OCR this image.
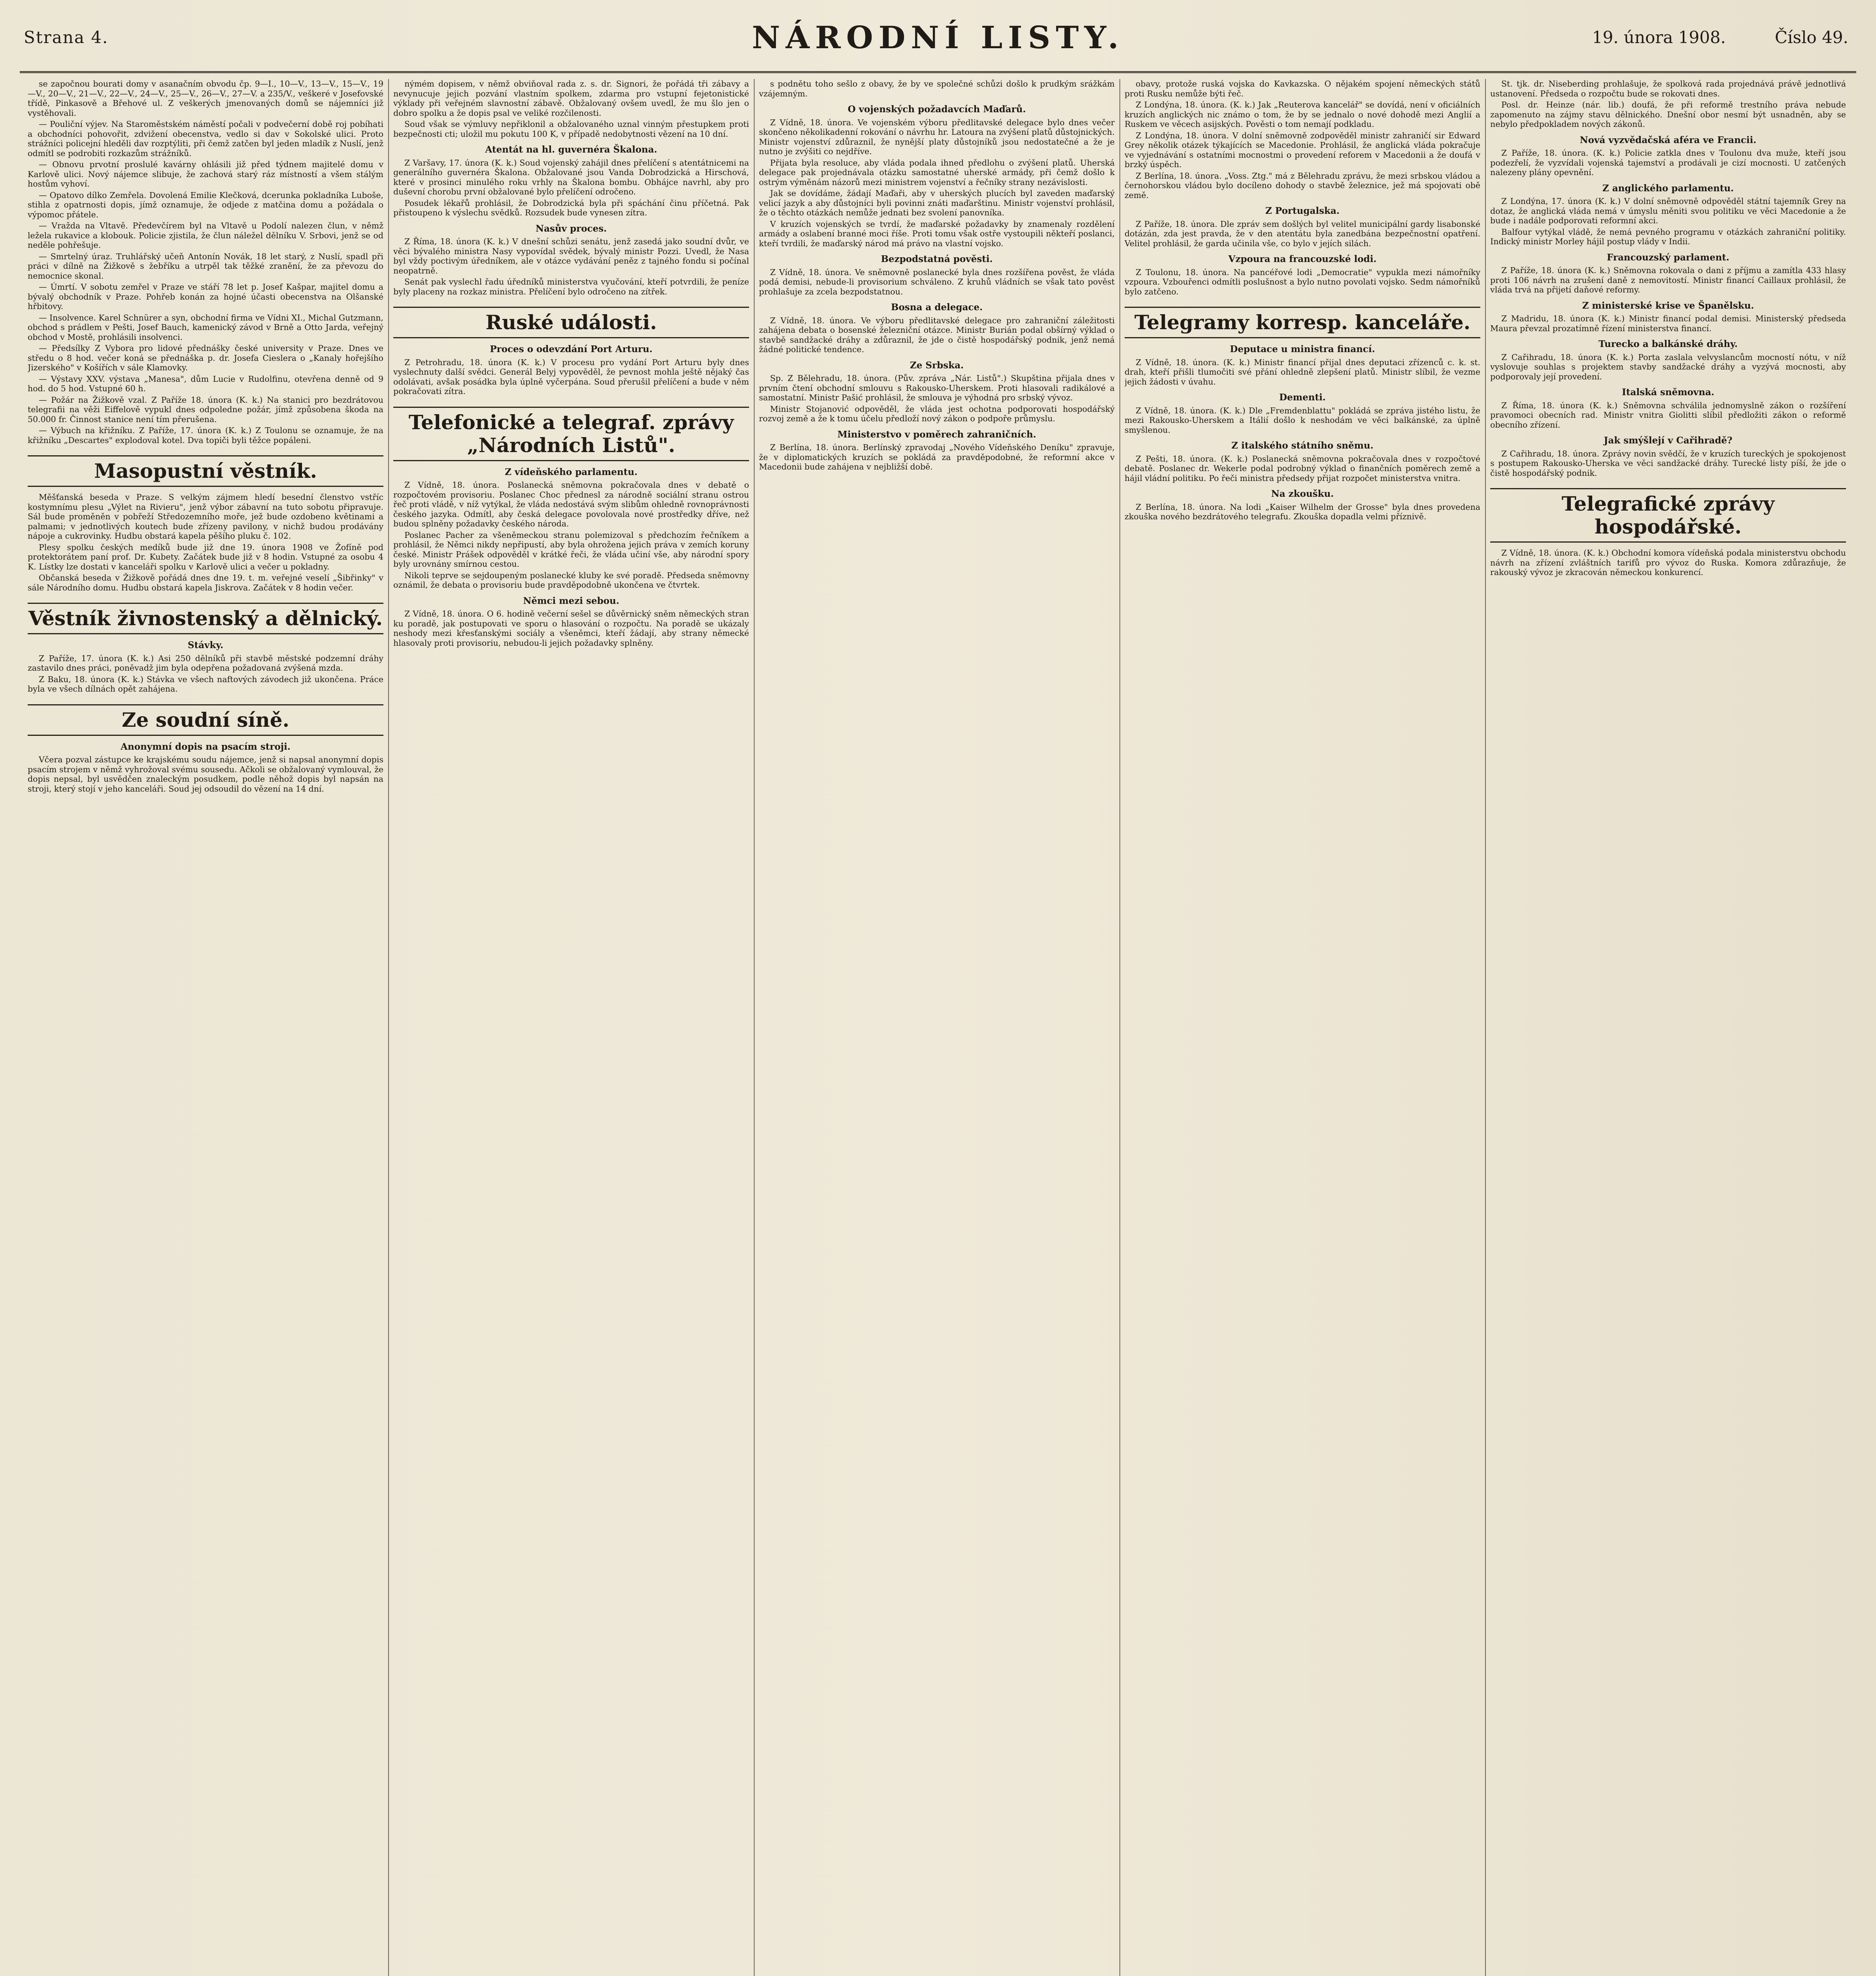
Strana 4.	NÁRODNÍ LISTY.	19. února 1908.	Číslo 49.

se započnou bourati domy v asanačním obvodu čp. 9—I., 10—V., 13—V., 15—V., 19—V., 20—V., 21—V., 22—V., 24—V., 25—V., 26—V., 27—V. a 235/V., veškeré v Josefovské třídě, Pinkasově a Břehové ul. Z veškerých jmenovaných domů se nájemníci již vystěhovali.

— Pouliční výjev. Na Staroměstském náměstí počali v podvečerní době roj pobíhati a obchodníci pohovořit, zdvižení obecenstva, vedlo si dav v Sokolské ulici. Proto strážníci policejní hleděli dav rozptýliti, při čemž zatčen byl jeden mladík z Nuslí, jenž odmítl se podrobiti rozkazům strážníků.

— Obnovu prvotní proslulé kavárny ohlásili již před týdnem majitelé domu v Karlově ulici. Nový nájemce slibuje, že zachová starý ráz místností a všem stálým hostům vyhoví.

— Opatovo dílko Zemřela. Dovolená Emilie Klečková, dcerunka pokladníka Luboše, stihla z opatrnosti dopis, jímž oznamuje, že odjede z matčina domu a požádala o výpomoc přátele.

— Vražda na Vltavě. Předevčírem byl na Vltavě u Podolí nalezen člun, v němž ležela rukavice a klobouk. Policie zjistila, že člun náležel dělníku V. Srbovi, jenž se od neděle pohřešuje.

— Smrtelný úraz. Truhlářský učeň Antonín Novák, 18 let starý, z Nuslí, spadl při práci v dílně na Žižkově s žebříku a utrpěl tak těžké zranění, že za převozu do nemocnice skonal.

— Úmrtí. V sobotu zemřel v Praze ve stáří 78 let p. Josef Kašpar, majitel domu a bývalý obchodník v Praze. Pohřeb konán za hojné účasti obecenstva na Olšanské hřbitovy.

— Insolvence. Karel Schnürer a syn, obchodní firma ve Vídni XI., Michal Gutzmann, obchod s prádlem v Pešti, Josef Bauch, kamenický závod v Brně a Otto Jarda, veřejný obchod v Mostě, prohlásili insolvenci.

— Předsílky Z Vybora pro lidové přednášky české university v Praze. Dnes ve středu o 8 hod. večer koná se přednáška p. dr. Josefa Cieslera o „Kanaly hořejšího Jizerského" v Košířích v sále Klamovky.

— Výstavy XXV. výstava „Manesa", dům Lucie v Rudolfinu, otevřena denně od 9 hod. do 5 hod. Vstupné 60 h.

— Požár na Žižkově vzal. Z Paříže 18. února (K. k.) Na stanici pro bezdrátovou telegrafii na věži Eiffelově vypukl dnes odpoledne požár, jímž způsobena škoda na 50.000 fr. Činnost stanice není tím přerušena.

— Výbuch na křižníku. Z Paříže, 17. února (K. k.) Z Toulonu se oznamuje, že na křižníku „Descartes" explodoval kotel. Dva topiči byli těžce popáleni.

Masopustní věstník.

Měšťanská beseda v Praze. S velkým zájmem hledí besední členstvo vstříc kostymnímu plesu „Výlet na Rivieru", jenž výbor zábavní na tuto sobotu připravuje. Sál bude proměněn v pobřeží Středozemního moře, jež bude ozdobeno květinami a palmami; v jednotlivých koutech bude zřízeny pavilony, v nichž budou prodávány nápoje a cukrovinky. Hudbu obstará kapela pěšího pluku č. 102.

Plesy spolku českých medíků bude již dne 19. února 1908 ve Žofíně pod protektorátem paní prof. Dr. Kubety. Začátek bude již v 8 hodin. Vstupné za osobu 4 K. Lístky lze dostati v kanceláři spolku v Karlově ulici a večer u pokladny.

Občanská beseda v Žižkově pořádá dnes dne 19. t. m. veřejné veselí „Šibřinky" v sále Národního domu. Hudbu obstará kapela Jiskrova. Začátek v 8 hodin večer.

Věstník živnostenský a dělnický.
Stávky.

Z Paříže, 17. února (K. k.) Asi 250 dělníků při stavbě městské podzemní dráhy zastavilo dnes práci, poněvadž jim byla odepřena požadovaná zvýšená mzda.

Z Baku, 18. února (K. k.) Stávka ve všech naftových závodech již ukončena. Práce byla ve všech dílnách opět zahájena.

Ze soudní síně.
Anonymní dopis na psacím stroji.

Včera pozval zástupce ke krajskému soudu nájemce, jenž si napsal anonymní dopis psacím strojem v němž vyhrožoval svému sousedu. Ačkoli se obžalovaný vymlouval, že dopis nepsal, byl usvědčen znaleckým posudkem, podle něhož dopis byl napsán na stroji, který stojí v jeho kanceláři. Soud jej odsoudil do vězení na 14 dní.

nýmém dopisem, v němž obviňoval rada z. s. dr. Signori, že pořádá tři zábavy a nevynucuje jejich pozvání vlastním spolkem, zdarma pro vstupní fejetonistické výklady při veřejném slavnostní zábavě. Obžalovaný ovšem uvedl, že mu šlo jen o dobro spolku a že dopis psal ve veliké rozčilenosti.

Soud však se výmluvy nepřiklonil a obžalovaného uznal vinným přestupkem proti bezpečnosti cti; uložil mu pokutu 100 K, v případě nedobytnosti vězení na 10 dní.

Atentát na hl. guvernéra Škalona.

Z Varšavy, 17. února (K. k.) Soud vojenský zahájil dnes přelíčení s atentátnicemi na generálního guvernéra Škalona. Obžalované jsou Vanda Dobrodzická a Hirschová, které v prosinci minulého roku vrhly na Škalona bombu. Obhájce navrhl, aby pro duševní chorobu první obžalované bylo přelíčení odročeno.

Posudek lékařů prohlásil, že Dobrodzická byla při spáchání činu příčetná. Pak přistoupeno k výslechu svědků. Rozsudek bude vynesen zítra.

Nasův proces.

Z Říma, 18. února (K. k.) V dnešní schůzi senátu, jenž zasedá jako soudní dvůr, ve věci bývalého ministra Nasy vypovídal svědek, bývalý ministr Pozzi. Uvedl, že Nasa byl vždy poctivým úředníkem, ale v otázce vydávání peněz z tajného fondu si počínal neopatrně.

Senát pak vyslechl řadu úředníků ministerstva vyučování, kteří potvrdili, že peníze byly placeny na rozkaz ministra. Přelíčení bylo odročeno na zítřek.

Ruské události.
Proces o odevzdání Port Arturu.

Z Petrohradu, 18. února (K. k.) V procesu pro vydání Port Arturu byly dnes vyslechnuty další svědci. Generál Belyj vypověděl, že pevnost mohla ještě nějaký čas odolávati, avšak posádka byla úplně vyčerpána. Soud přerušil přelíčení a bude v něm pokračovati zítra.

Telefonické a telegraf. zprávy „Národních Listů".
Z vídeňského parlamentu.

Z Vídně, 18. února. Poslanecká sněmovna pokračovala dnes v debatě o rozpočtovém provisoriu. Poslanec Choc přednesl za národně sociální stranu ostrou řeč proti vládě, v níž vytýkal, že vláda nedostává svým slibům ohledně rovnoprávnosti českého jazyka. Odmítl, aby česká delegace povolovala nové prostředky dříve, než budou splněny požadavky českého národa.

Poslanec Pacher za všeněmeckou stranu polemizoval s předchozím řečníkem a prohlásil, že Němci nikdy nepřipustí, aby byla ohrožena jejich práva v zemích koruny české. Ministr Prášek odpověděl v krátké řeči, že vláda učiní vše, aby národní spory byly urovnány smírnou cestou.

Nikoli teprve se sejdoupeným poslanecké kluby ke své poradě. Předseda sněmovny oznámil, že debata o provisoriu bude pravděpodobně ukončena ve čtvrtek.

Němci mezi sebou.

Z Vídně, 18. února. O 6. hodině večerní sešel se důvěrnický sněm německých stran ku poradě, jak postupovati ve sporu o hlasování o rozpočtu. Na poradě se ukázaly neshody mezi křesťanskými sociály a všeněmci, kteří žádají, aby strany německé hlasovaly proti provisoriu, nebudou-li jejich požadavky splněny.

s podnětu toho sešlo z obavy, že by ve společné schůzi došlo k prudkým srážkám vzájemným.

O vojenských požadavcích Maďarů.

Z Vídně, 18. února. Ve vojenském výboru předlitavské delegace bylo dnes večer skončeno několikadenní rokování o návrhu hr. Latoura na zvýšení platů důstojnických. Ministr vojenství zdůraznil, že nynější platy důstojníků jsou nedostatečné a že je nutno je zvýšiti co nejdříve.

Přijata byla resoluce, aby vláda podala ihned předlohu o zvýšení platů. Uherská delegace pak projednávala otázku samostatné uherské armády, při čemž došlo k ostrým výměnám názorů mezi ministrem vojenství a řečníky strany nezávislosti.

Jak se dovídáme, žádají Maďaři, aby v uherských plucích byl zaveden maďarský velicí jazyk a aby důstojníci byli povinni znáti maďarštinu. Ministr vojenství prohlásil, že o těchto otázkách nemůže jednati bez svolení panovníka.

V kruzích vojenských se tvrdí, že maďarské požadavky by znamenaly rozdělení armády a oslabení branné moci říše. Proti tomu však ostře vystoupili někteří poslanci, kteří tvrdili, že maďarský národ má právo na vlastní vojsko.

Bezpodstatná pověsti.

Z Vídně, 18. února. Ve sněmovně poslanecké byla dnes rozšířena pověst, že vláda podá demisi, nebude-li provisorium schváleno. Z kruhů vládních se však tato pověst prohlašuje za zcela bezpodstatnou.

Bosna a delegace.

Z Vídně, 18. února. Ve výboru předlitavské delegace pro zahraniční záležitosti zahájena debata o bosenské železniční otázce. Ministr Burián podal obšírný výklad o stavbě sandžacké dráhy a zdůraznil, že jde o čistě hospodářský podnik, jenž nemá žádné politické tendence.

Ze Srbska.

Sp. Z Bělehradu, 18. února. (Pův. zpráva „Nár. Listů".) Skupština přijala dnes v prvním čtení obchodní smlouvu s Rakousko-Uherskem. Proti hlasovali radikálové a samostatní. Ministr Pašić prohlásil, že smlouva je výhodná pro srbský vývoz.

Ministr Stojanović odpověděl, že vláda jest ochotna podporovati hospodářský rozvoj země a že k tomu účelu předloží nový zákon o podpoře průmyslu.

Ministerstvo v poměrech zahraničních.

Z Berlína, 18. února. Berlínský zpravodaj „Nového Vídeňského Deníku" zpravuje, že v diplomatických kruzích se pokládá za pravděpodobné, že reformní akce v Macedonii bude zahájena v nejbližší době.

obavy, protože ruská vojska do Kavkazska. O nějakém spojení německých států proti Rusku nemůže býti řeč.

Z Londýna, 18. února. (K. k.) Jak „Reuterova kancelář" se dovídá, není v oficiálních kruzích anglických nic známo o tom, že by se jednalo o nové dohodě mezi Anglií a Ruskem ve věcech asijských. Pověsti o tom nemají podkladu.

Z Londýna, 18. února. V dolní sněmovně zodpověděl ministr zahraničí sir Edward Grey několik otázek týkajících se Macedonie. Prohlásil, že anglická vláda pokračuje ve vyjednávání s ostatními mocnostmi o provedení reforem v Macedonii a že doufá v brzký úspěch.

Z Berlína, 18. února. „Voss. Ztg." má z Bělehradu zprávu, že mezi srbskou vládou a černohorskou vládou bylo docíleno dohody o stavbě železnice, jež má spojovati obě země.

Z Portugalska.

Z Paříže, 18. února. Dle zpráv sem došlých byl velitel municipální gardy lisabonské dotázán, zda jest pravda, že v den atentátu byla zanedbána bezpečnostní opatření. Velitel prohlásil, že garda učinila vše, co bylo v jejích silách.

Vzpoura na francouzské lodi.

Z Toulonu, 18. února. Na pancéřové lodi „Democratie" vypukla mezi námořníky vzpoura. Vzbouřenci odmítli poslušnost a bylo nutno povolati vojsko. Sedm námořníků bylo zatčeno.

Telegramy korresp. kanceláře.
Deputace u ministra financí.

Z Vídně, 18. února. (K. k.) Ministr financí přijal dnes deputaci zřízenců c. k. st. drah, kteří přišli tlumočiti své přání ohledně zlepšení platů. Ministr slíbil, že vezme jejich žádosti v úvahu.

Dementi.

Z Vídně, 18. února. (K. k.) Dle „Fremdenblattu" pokládá se zpráva jistého listu, že mezi Rakousko-Uherskem a Itálií došlo k neshodám ve věci balkánské, za úplně smyšlenou.

Z italského státního sněmu.

Z Pešti, 18. února. (K. k.) Poslanecká sněmovna pokračovala dnes v rozpočtové debatě. Poslanec dr. Wekerle podal podrobný výklad o finančních poměrech země a hájil vládní politiku. Po řeči ministra předsedy přijat rozpočet ministerstva vnitra.

Na zkoušku.

Z Berlína, 18. února. Na lodi „Kaiser Wilhelm der Grosse" byla dnes provedena zkouška nového bezdrátového telegrafu. Zkouška dopadla velmi příznivě.

St. tjk. dr. Niseberding prohlašuje, že spolková rada projednává právě jednotlivá ustanovení. Předseda o rozpočtu bude se rokovati dnes.

Posl. dr. Heinze (nár. lib.) doufá, že při reformě trestního práva nebude zapomenuto na zájmy stavu dělnického. Dnešní obor nesmí být usnadněn, aby se nebylo předpokladem nových zákonů.

Nová vyzvědačská aféra ve Francii.

Z Paříže, 18. února. (K. k.) Policie zatkla dnes v Toulonu dva muže, kteří jsou podezřelí, že vyzvídali vojenská tajemství a prodávali je cizí mocnosti. U zatčených nalezeny plány opevnění.

Z anglického parlamentu.

Z Londýna, 17. února (K. k.) V dolní sněmovně odpověděl státní tajemník Grey na dotaz, že anglická vláda nemá v úmyslu měniti svou politiku ve věci Macedonie a že bude i nadále podporovati reformní akci.

Balfour vytýkal vládě, že nemá pevného programu v otázkách zahraniční politiky. Indický ministr Morley hájil postup vlády v Indii.

Francouzský parlament.

Z Paříže, 18. února (K. k.) Sněmovna rokovala o dani z příjmu a zamítla 433 hlasy proti 106 návrh na zrušení daně z nemovitostí. Ministr financí Caillaux prohlásil, že vláda trvá na přijetí daňové reformy.

Z ministerské krise ve Španělsku.

Z Madridu, 18. února (K. k.) Ministr financí podal demisi. Ministerský předseda Maura převzal prozatímně řízení ministerstva financí.

Turecko a balkánské dráhy.

Z Cařihradu, 18. února (K. k.) Porta zaslala velvyslancům mocností nótu, v níž vyslovuje souhlas s projektem stavby sandžacké dráhy a vyzývá mocnosti, aby podporovaly její provedení.

Italská sněmovna.

Z Říma, 18. února (K. k.) Sněmovna schválila jednomyslně zákon o rozšíření pravomoci obecních rad. Ministr vnitra Giolitti slíbil předložiti zákon o reformě obecního zřízení.

Jak smýšlejí v Cařihradě?

Z Cařihradu, 18. února. Zprávy novin svědčí, že v kruzích tureckých je spokojenost s postupem Rakousko-Uherska ve věci sandžacké dráhy. Turecké listy píší, že jde o čistě hospodářský podnik.

Telegrafické zprávy hospodářské.

Z Vídně, 18. února. (K. k.) Obchodní komora vídeňská podala ministerstvu obchodu návrh na zřízení zvláštních tarifů pro vývoz do Ruska. Komora zdůrazňuje, že rakouský vývoz je zkracován německou konkurencí.
